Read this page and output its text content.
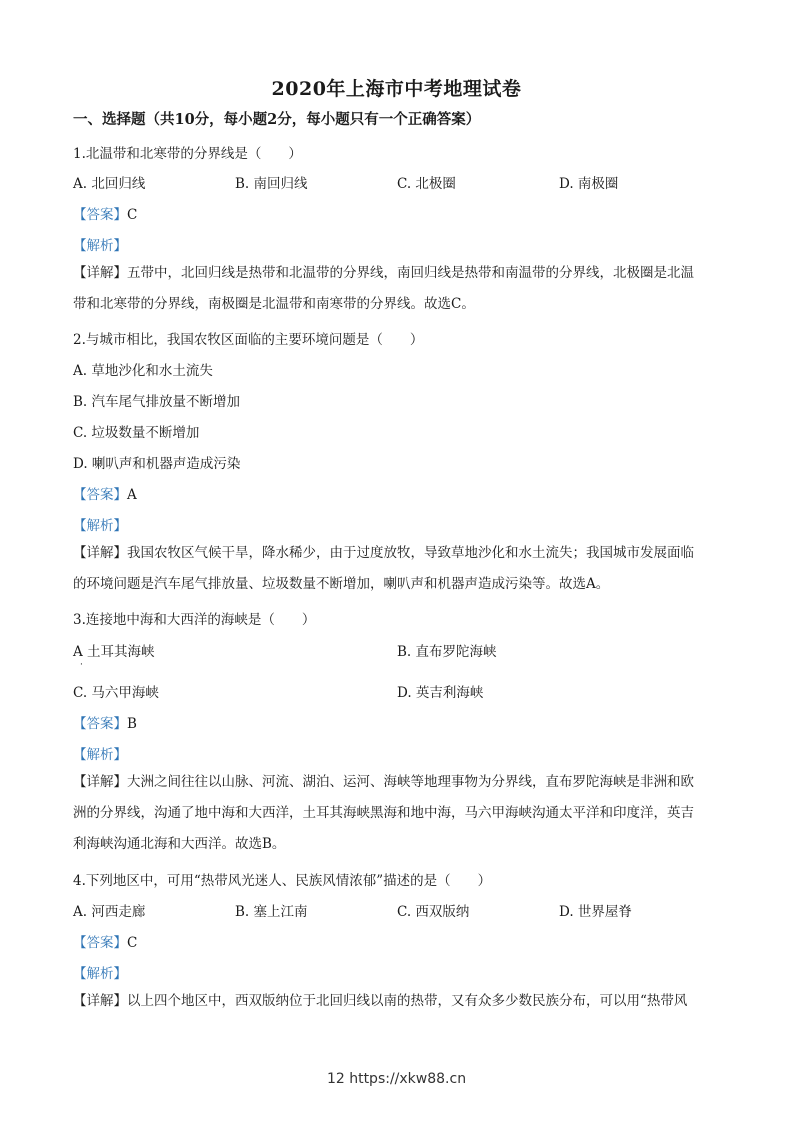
2020年上海市中考地理试卷
一、选择题（共10分，每小题2分，每小题只有一个正确答案）
1.北温带和北寒带的分界线是（　　）
A. 北回归线	B. 南回归线	C. 北极圈	D. 南极圈
【答案】C
【解析】
【详解】五带中，北回归线是热带和北温带的分界线，南回归线是热带和南温带的分界线，北极圈是北温
带和北寒带的分界线，南极圈是北温带和南寒带的分界线。故选C。
2.与城市相比，我国农牧区面临的主要环境问题是（　　）
A. 草地沙化和水土流失
B. 汽车尾气排放量不断增加
C. 垃圾数量不断增加
D. 喇叭声和机器声造成污染
【答案】A
【解析】
【详解】我国农牧区气候干旱，降水稀少，由于过度放牧，导致草地沙化和水土流失；我国城市发展面临
的环境问题是汽车尾气排放量、垃圾数量不断增加，喇叭声和机器声造成污染等。故选A。
3.连接地中海和大西洋的海峡是（　　）
A 土耳其海峡	B. 直布罗陀海峡
·
C. 马六甲海峡	D. 英吉利海峡
【答案】B
【解析】
【详解】大洲之间往往以山脉、河流、湖泊、运河、海峡等地理事物为分界线，直布罗陀海峡是非洲和欧
洲的分界线，沟通了地中海和大西洋，土耳其海峡黑海和地中海，马六甲海峡沟通太平洋和印度洋，英吉
利海峡沟通北海和大西洋。故选B。
4.下列地区中，可用“热带风光迷人、民族风情浓郁”描述的是（　　）
A. 河西走廊	B. 塞上江南	C. 西双版纳	D. 世界屋脊
【答案】C
【解析】
【详解】以上四个地区中，西双版纳位于北回归线以南的热带，又有众多少数民族分布，可以用“热带风
12 https://xkw88.cn
